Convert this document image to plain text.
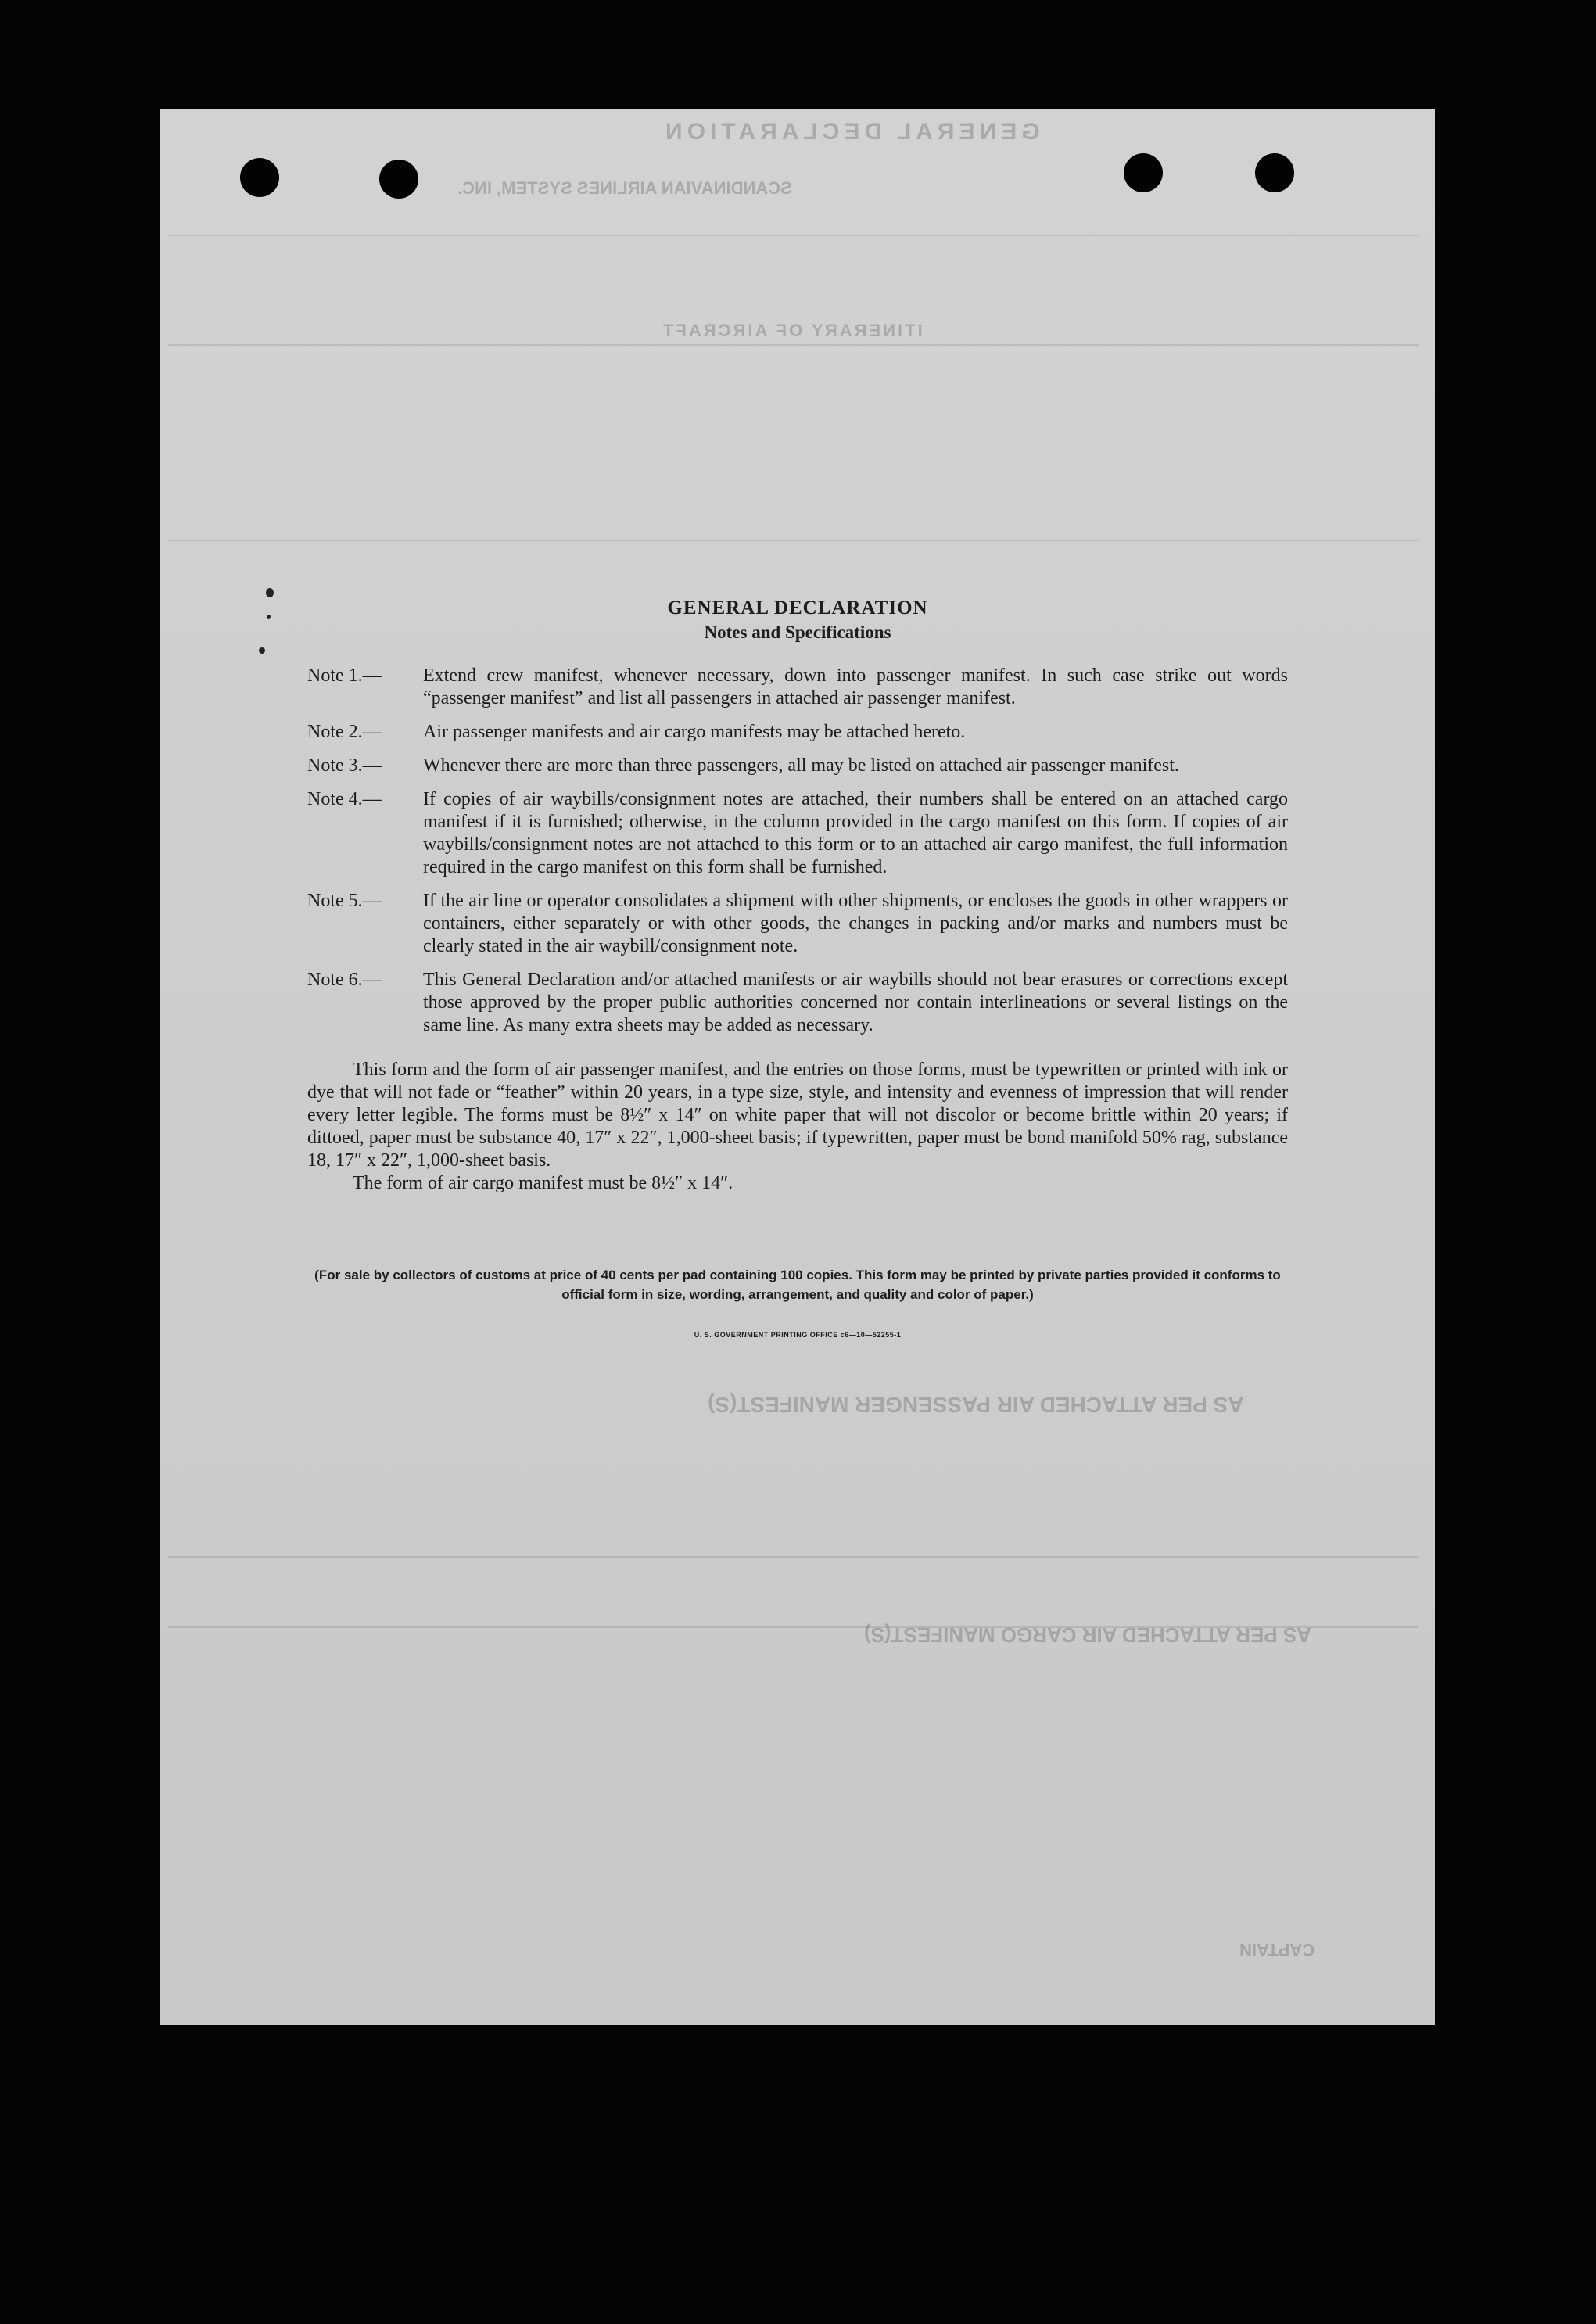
GENERAL DECLARATION
SCANDINAVIAN AIRLINES SYSTEM, INC.
ITINERARY OF AIRCRAFT
AS PER ATTACHED AIR PASSENGER MANIFEST(S)
AS PER ATTACHED AIR CARGO MANIFEST(S)
CAPTAIN
GENERAL DECLARATION
Notes and Specifications
Note 1.—	Extend crew manifest, whenever necessary, down into passenger manifest. In such case strike out words “passenger manifest” and list all passengers in attached air passenger manifest.
Note 2.—	Air passenger manifests and air cargo manifests may be attached hereto.
Note 3.—	Whenever there are more than three passengers, all may be listed on attached air passenger manifest.
Note 4.—	If copies of air waybills/consignment notes are attached, their numbers shall be entered on an attached cargo manifest if it is furnished; otherwise, in the column provided in the cargo manifest on this form. If copies of air waybills/consignment notes are not attached to this form or to an attached air cargo manifest, the full information required in the cargo manifest on this form shall be furnished.
Note 5.—	If the air line or operator consolidates a shipment with other shipments, or encloses the goods in other wrappers or containers, either separately or with other goods, the changes in packing and/or marks and numbers must be clearly stated in the air waybill/consignment note.
Note 6.—	This General Declaration and/or attached manifests or air waybills should not bear erasures or corrections except those approved by the proper public authorities concerned nor contain interlineations or several listings on the same line. As many extra sheets may be added as necessary.
This form and the form of air passenger manifest, and the entries on those forms, must be typewritten or printed with ink or dye that will not fade or “feather” within 20 years, in a type size, style, and intensity and evenness of impression that will render every letter legible. The forms must be 8½″ x 14″ on white paper that will not discolor or become brittle within 20 years; if dittoed, paper must be substance 40, 17″ x 22″, 1,000-sheet basis; if typewritten, paper must be bond manifold 50% rag, substance 18, 17″ x 22″, 1,000-sheet basis.
The form of air cargo manifest must be 8½″ x 14″.
(For sale by collectors of customs at price of 40 cents per pad containing 100 copies. This form may be printed by private parties provided it conforms to official form in size, wording, arrangement, and quality and color of paper.)
U. S. GOVERNMENT PRINTING OFFICE c6—10—52255-1
